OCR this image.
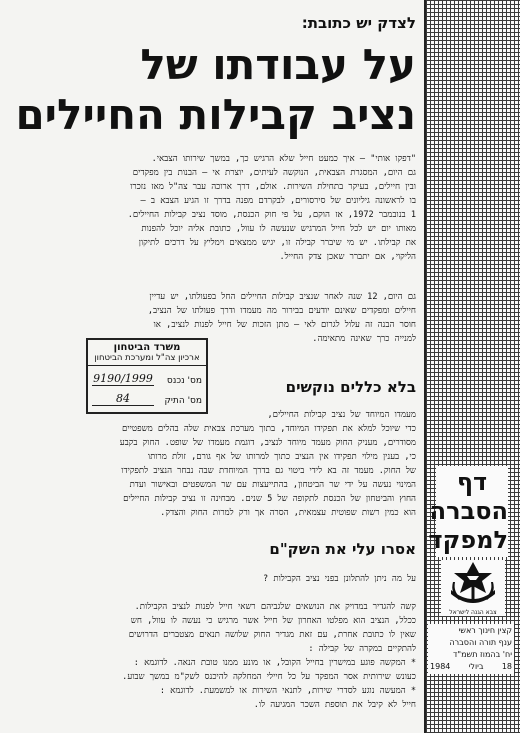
לצדק יש כתובת:
על עבודתו של
נציב קבילות החיילים
"דפקו אותי" – איך כמעט חייל שלא הרגיש כך, במשך שירותו הצבאי.
גם היום, המסגרת הצבאית, הנוקשה לעיתים, יוצרת אי – הבנות בין מפקדים
ובין חיילים, בעיקר בתחילת השירות. אולם, דרך ארוכה עבר צה"ל מאז נזכרו
בו לראשונה גיליונים של סירסורים, לבקרדם מפנה בדרך זו הגיע הצבא ב –
1 בנובמבר 1972, אז הוקם, על פי חוק הכנסת, מוסד נציב קבילות החיילים.
מאותו יום יש לכל חייל המרגיש שנעשה לו עוול, כתובת אליה יוכל להפנות
את קבילתו. יש מי שיברר קבילה זו, יגיש ממצאים וימליץ על דרכים לתיקון
הליקוי, אם יתברר שאכן צדק החייל.
גם היום, 12 שנה לאחר שנציב קבילות החיילים החל בפעולתו, יש עדיין
חיילים ומפקדים שאינם יודעים בבירור מה מעמדו ודרך פעולתו של הנציב,
חוסר הבנה זה עלול לגרום לאי – מתן הזכות של חייל לפנות לנציב, או
למנייה כרך שאינה מתאימה.
בלא כללים נוקשים
מעמדו המיוחד של נציב קבילות החיילים,
כדי שיוכל למלא את תפקידו המיוחד, בתוך מערכת צבאית שלה בהלים משפטיים
מסודרים, מעניק החוק מעמד מיוחד לנציב, דוגמת מעמדו של שופט. החוק בקבע
כי, בענין מילוי תפקידו אין הנציב כתוך למרותו של אף גורם, זולת מרותו
של החוק. מעמד זה בא לידי ביטוי גם בדרך המיוחדת שבה נבחר הנציב לתפקידו
המינוי נעשה על ידי שר הביטחון, בהתייעצות עם שר המשפטים ובאישור ועדת
החוץ והביטחון של הכנסת לתקופה של 5 שנים. מבחינה זו נציב קבילות החיילים
הוא כמין רשות שפוטית עצמאית, הסרה אך ורק למרות החוק והצדק.
אסרו עלי את השק"ם
על מה ניתן להתלונן בפני נציב הקבילות ?
קשה להגדיר במדויק את הנושאים שלגביהם רשאי חייל לפנות לנציב הקבילות.
ככלל, הנציב הוא מפלטו האחרון של חייל אשר מרגיש כי נעשה לו עוול, חש
שאין לו כתובת אחרת, עם זאת מגדיר החוק שלושה תנאים מצטברים הדרושים
להתקיים במקרה של קבילה :
* המקשה פוגע במישרין בחייל הקובל, או מונע ממנו טובת הנאה. לדוגמא :
כעונש שירותית אסר המפקד על כל חיילי המחלקה להיכנס לשק"מ במשך שבוע.
* המעשה נוגע לסדרי שירות, לתנאי השירות או למשמעת. לדוגמא :
חייל לא קיבל את תוספת השכר המגיעה לו.
משרד הביטחון
ארכיון צה"ל ומערכת הביטחון
מס' נכנס
9190/1999
מס' התיק
84
דף
הסברה
למפקד
צבא הגנה לישראל
קצין חינוך ראשי
ענף תורה והסברה
יח' בהמוז תשמ"ד
18
ביולי
1984
